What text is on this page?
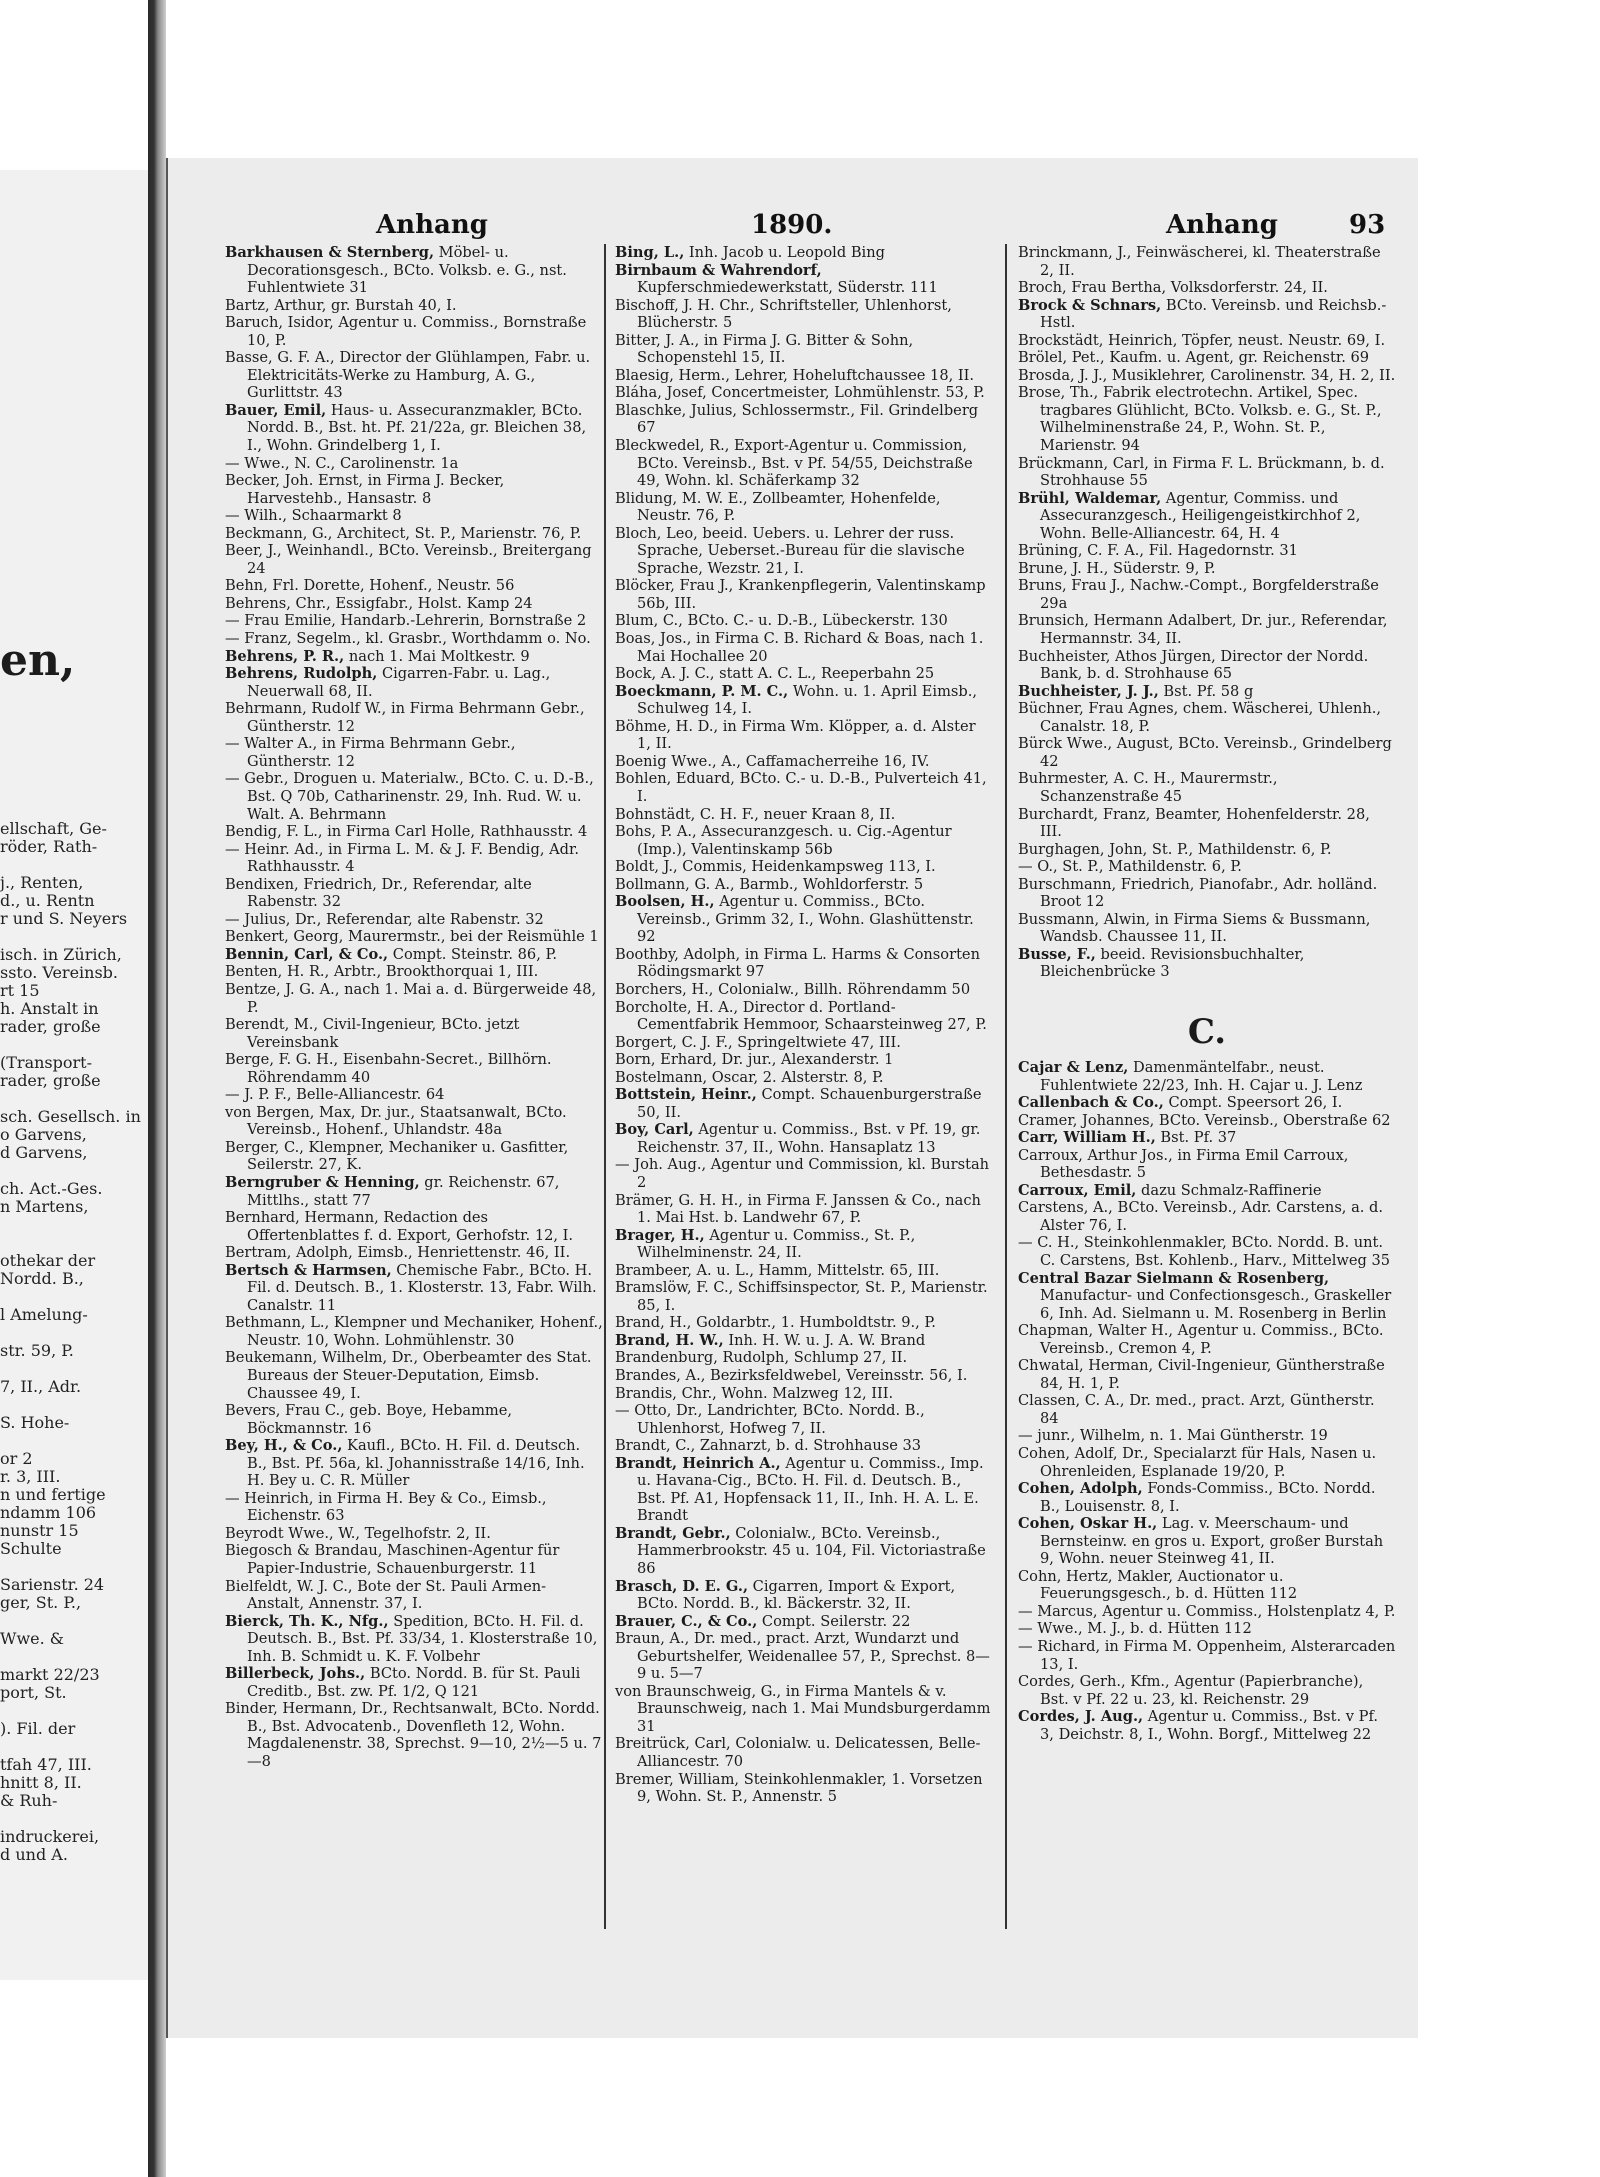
en,
ellschaft, Ge-
röder, Rath-
j., Renten,
d., u. Rentn
r und S. Neyers
isch. in Zürich,
ssto. Vereinsb.
rt 15
h. Anstalt in
rader, große
(Transport-
rader, große
sch. Gesellsch. in
o Garvens,
d Garvens,
ch. Act.-Ges.
n Martens,
othekar der
Nordd. B.,
l Amelung-
str. 59, P.
7, II., Adr.
S. Hohe-
or 2
r. 3, III.
n und fertige
ndamm 106
nunstr 15
Schulte
Sarienstr. 24
ger, St. P.,
Wwe. &
markt 22/23
port, St.
). Fil. der
tfah 47, III.
hnitt 8, II.
& Ruh-
indruckerei,
d und A.
Anhang	1890.	Anhang	93

Barkhausen & Sternberg, Möbel- u. Decorationsgesch., BCto. Volksb. e. G., nst. Fuhlentwiete 31

Bartz, Arthur, gr. Burstah 40, I.

Baruch, Isidor, Agentur u. Commiss., Bornstraße 10, P.

Basse, G. F. A., Director der Glühlampen, Fabr. u. Elektricitäts-Werke zu Hamburg, A. G., Gurlittstr. 43

Bauer, Emil, Haus- u. Assecuranzmakler, BCto. Nordd. B., Bst. ht. Pf. 21/22a, gr. Bleichen 38, I., Wohn. Grindelberg 1, I.

— Wwe., N. C., Carolinenstr. 1a

Becker, Joh. Ernst, in Firma J. Becker, Harvestehb., Hansastr. 8

— Wilh., Schaarmarkt 8

Beckmann, G., Architect, St. P., Marienstr. 76, P.

Beer, J., Weinhandl., BCto. Vereinsb., Breitergang 24

Behn, Frl. Dorette, Hohenf., Neustr. 56

Behrens, Chr., Essigfabr., Holst. Kamp 24

— Frau Emilie, Handarb.-Lehrerin, Bornstraße 2

— Franz, Segelm., kl. Grasbr., Worthdamm o. No.

Behrens, P. R., nach 1. Mai Moltkestr. 9

Behrens, Rudolph, Cigarren-Fabr. u. Lag., Neuerwall 68, II.

Behrmann, Rudolf W., in Firma Behrmann Gebr., Güntherstr. 12

— Walter A., in Firma Behrmann Gebr., Güntherstr. 12

— Gebr., Droguen u. Materialw., BCto. C. u. D.-B., Bst. Q 70b, Catharinenstr. 29, Inh. Rud. W. u. Walt. A. Behrmann

Bendig, F. L., in Firma Carl Holle, Rathhausstr. 4

— Heinr. Ad., in Firma L. M. & J. F. Bendig, Adr. Rathhausstr. 4

Bendixen, Friedrich, Dr., Referendar, alte Rabenstr. 32

— Julius, Dr., Referendar, alte Rabenstr. 32

Benkert, Georg, Maurermstr., bei der Reismühle 1

Bennin, Carl, & Co., Compt. Steinstr. 86, P.

Benten, H. R., Arbtr., Brookthorquai 1, III.

Bentze, J. G. A., nach 1. Mai a. d. Bürgerweide 48, P.

Berendt, M., Civil-Ingenieur, BCto. jetzt Vereinsbank

Berge, F. G. H., Eisenbahn-Secret., Billhörn. Röhrendamm 40

— J. P. F., Belle-Alliancestr. 64

von Bergen, Max, Dr. jur., Staatsanwalt, BCto. Vereinsb., Hohenf., Uhlandstr. 48a

Berger, C., Klempner, Mechaniker u. Gasfitter, Seilerstr. 27, K.

Berngruber & Henning, gr. Reichenstr. 67, Mittlhs., statt 77

Bernhard, Hermann, Redaction des Offertenblattes f. d. Export, Gerhofstr. 12, I.

Bertram, Adolph, Eimsb., Henriettenstr. 46, II.

Bertsch & Harmsen, Chemische Fabr., BCto. H. Fil. d. Deutsch. B., 1. Klosterstr. 13, Fabr. Wilh. Canalstr. 11

Bethmann, L., Klempner und Mechaniker, Hohenf., Neustr. 10, Wohn. Lohmühlenstr. 30

Beukemann, Wilhelm, Dr., Oberbeamter des Stat. Bureaus der Steuer-Deputation, Eimsb. Chaussee 49, I.

Bevers, Frau C., geb. Boye, Hebamme, Böckmannstr. 16

Bey, H., & Co., Kaufl., BCto. H. Fil. d. Deutsch. B., Bst. Pf. 56a, kl. Johannisstraße 14/16, Inh. H. Bey u. C. R. Müller

— Heinrich, in Firma H. Bey & Co., Eimsb., Eichenstr. 63

Beyrodt Wwe., W., Tegelhofstr. 2, II.

Biegosch & Brandau, Maschinen-Agentur für Papier-Industrie, Schauenburgerstr. 11

Bielfeldt, W. J. C., Bote der St. Pauli Armen-Anstalt, Annenstr. 37, I.

Bierck, Th. K., Nfg., Spedition, BCto. H. Fil. d. Deutsch. B., Bst. Pf. 33/34, 1. Klosterstraße 10, Inh. B. Schmidt u. K. F. Volbehr

Billerbeck, Johs., BCto. Nordd. B. für St. Pauli Creditb., Bst. zw. Pf. 1/2, Q 121

Binder, Hermann, Dr., Rechtsanwalt, BCto. Nordd. B., Bst. Advocatenb., Dovenfleth 12, Wohn. Magdalenenstr. 38, Sprechst. 9—10, 2½—5 u. 7—8

Bing, L., Inh. Jacob u. Leopold Bing

Birnbaum & Wahrendorf, Kupferschmiedewerkstatt, Süderstr. 111

Bischoff, J. H. Chr., Schriftsteller, Uhlenhorst, Blücherstr. 5

Bitter, J. A., in Firma J. G. Bitter & Sohn, Schopenstehl 15, II.

Blaesig, Herm., Lehrer, Hoheluftchaussee 18, II.

Bláha, Josef, Concertmeister, Lohmühlenstr. 53, P.

Blaschke, Julius, Schlossermstr., Fil. Grindelberg 67

Bleckwedel, R., Export-Agentur u. Commission, BCto. Vereinsb., Bst. v Pf. 54/55, Deichstraße 49, Wohn. kl. Schäferkamp 32

Blidung, M. W. E., Zollbeamter, Hohenfelde, Neustr. 76, P.

Bloch, Leo, beeid. Uebers. u. Lehrer der russ. Sprache, Ueberset.-Bureau für die slavische Sprache, Wezstr. 21, I.

Blöcker, Frau J., Krankenpflegerin, Valentinskamp 56b, III.

Blum, C., BCto. C.- u. D.-B., Lübeckerstr. 130

Boas, Jos., in Firma C. B. Richard & Boas, nach 1. Mai Hochallee 20

Bock, A. J. C., statt A. C. L., Reeperbahn 25

Boeckmann, P. M. C., Wohn. u. 1. April Eimsb., Schulweg 14, I.

Böhme, H. D., in Firma Wm. Klöpper, a. d. Alster 1, II.

Boenig Wwe., A., Caffamacherreihe 16, IV.

Bohlen, Eduard, BCto. C.- u. D.-B., Pulverteich 41, I.

Bohnstädt, C. H. F., neuer Kraan 8, II.

Bohs, P. A., Assecuranzgesch. u. Cig.-Agentur (Imp.), Valentinskamp 56b

Boldt, J., Commis, Heidenkampsweg 113, I.

Bollmann, G. A., Barmb., Wohldorferstr. 5

Boolsen, H., Agentur u. Commiss., BCto. Vereinsb., Grimm 32, I., Wohn. Glashüttenstr. 92

Boothby, Adolph, in Firma L. Harms & Consorten Rödingsmarkt 97

Borchers, H., Colonialw., Billh. Röhrendamm 50

Borcholte, H. A., Director d. Portland-Cementfabrik Hemmoor, Schaarsteinweg 27, P.

Borgert, C. J. F., Springeltwiete 47, III.

Born, Erhard, Dr. jur., Alexanderstr. 1

Bostelmann, Oscar, 2. Alsterstr. 8, P.

Bottstein, Heinr., Compt. Schauenburgerstraße 50, II.

Boy, Carl, Agentur u. Commiss., Bst. v Pf. 19, gr. Reichenstr. 37, II., Wohn. Hansaplatz 13

— Joh. Aug., Agentur und Commission, kl. Burstah 2

Brämer, G. H. H., in Firma F. Janssen & Co., nach 1. Mai Hst. b. Landwehr 67, P.

Brager, H., Agentur u. Commiss., St. P., Wilhelminenstr. 24, II.

Brambeer, A. u. L., Hamm, Mittelstr. 65, III.

Bramslöw, F. C., Schiffsinspector, St. P., Marienstr. 85, I.

Brand, H., Goldarbtr., 1. Humboldtstr. 9., P.

Brand, H. W., Inh. H. W. u. J. A. W. Brand

Brandenburg, Rudolph, Schlump 27, II.

Brandes, A., Bezirksfeldwebel, Vereinsstr. 56, I.

Brandis, Chr., Wohn. Malzweg 12, III.

— Otto, Dr., Landrichter, BCto. Nordd. B., Uhlenhorst, Hofweg 7, II.

Brandt, C., Zahnarzt, b. d. Strohhause 33

Brandt, Heinrich A., Agentur u. Commiss., Imp. u. Havana-Cig., BCto. H. Fil. d. Deutsch. B., Bst. Pf. A1, Hopfensack 11, II., Inh. H. A. L. E. Brandt

Brandt, Gebr., Colonialw., BCto. Vereinsb., Hammerbrookstr. 45 u. 104, Fil. Victoriastraße 86

Brasch, D. E. G., Cigarren, Import & Export, BCto. Nordd. B., kl. Bäckerstr. 32, II.

Brauer, C., & Co., Compt. Seilerstr. 22

Braun, A., Dr. med., pract. Arzt, Wundarzt und Geburtshelfer, Weidenallee 57, P., Sprechst. 8—9 u. 5—7

von Braunschweig, G., in Firma Mantels & v. Braunschweig, nach 1. Mai Mundsburgerdamm 31

Breitrück, Carl, Colonialw. u. Delicatessen, Belle-Alliancestr. 70

Bremer, William, Steinkohlenmakler, 1. Vorsetzen 9, Wohn. St. P., Annenstr. 5

Brinckmann, J., Feinwäscherei, kl. Theaterstraße 2, II.

Broch, Frau Bertha, Volksdorferstr. 24, II.

Brock & Schnars, BCto. Vereinsb. und Reichsb.-Hstl.

Brockstädt, Heinrich, Töpfer, neust. Neustr. 69, I.

Brölel, Pet., Kaufm. u. Agent, gr. Reichenstr. 69

Brosda, J. J., Musiklehrer, Carolinenstr. 34, H. 2, II.

Brose, Th., Fabrik electrotechn. Artikel, Spec. tragbares Glühlicht, BCto. Volksb. e. G., St. P., Wilhelminenstraße 24, P., Wohn. St. P., Marienstr. 94

Brückmann, Carl, in Firma F. L. Brückmann, b. d. Strohhause 55

Brühl, Waldemar, Agentur, Commiss. und Assecuranzgesch., Heiligengeistkirchhof 2, Wohn. Belle-Alliancestr. 64, H. 4

Brüning, C. F. A., Fil. Hagedornstr. 31

Brune, J. H., Süderstr. 9, P.

Bruns, Frau J., Nachw.-Compt., Borgfelderstraße 29a

Brunsich, Hermann Adalbert, Dr. jur., Referendar, Hermannstr. 34, II.

Buchheister, Athos Jürgen, Director der Nordd. Bank, b. d. Strohhause 65

Buchheister, J. J., Bst. Pf. 58 g

Büchner, Frau Agnes, chem. Wäscherei, Uhlenh., Canalstr. 18, P.

Bürck Wwe., August, BCto. Vereinsb., Grindelberg 42

Buhrmester, A. C. H., Maurermstr., Schanzenstraße 45

Burchardt, Franz, Beamter, Hohenfelderstr. 28, III.

Burghagen, John, St. P., Mathildenstr. 6, P.

— O., St. P., Mathildenstr. 6, P.

Burschmann, Friedrich, Pianofabr., Adr. holländ. Broot 12

Bussmann, Alwin, in Firma Siems & Bussmann, Wandsb. Chaussee 11, II.

Busse, F., beeid. Revisionsbuchhalter, Bleichenbrücke 3

C.

Cajar & Lenz, Damenmäntelfabr., neust. Fuhlentwiete 22/23, Inh. H. Cajar u. J. Lenz

Callenbach & Co., Compt. Speersort 26, I.

Cramer, Johannes, BCto. Vereinsb., Oberstraße 62

Carr, William H., Bst. Pf. 37

Carroux, Arthur Jos., in Firma Emil Carroux, Bethesdastr. 5

Carroux, Emil, dazu Schmalz-Raffinerie

Carstens, A., BCto. Vereinsb., Adr. Carstens, a. d. Alster 76, I.

— C. H., Steinkohlenmakler, BCto. Nordd. B. unt. C. Carstens, Bst. Kohlenb., Harv., Mittelweg 35

Central Bazar Sielmann & Rosenberg, Manufactur- und Confectionsgesch., Graskeller 6, Inh. Ad. Sielmann u. M. Rosenberg in Berlin

Chapman, Walter H., Agentur u. Commiss., BCto. Vereinsb., Cremon 4, P.

Chwatal, Herman, Civil-Ingenieur, Güntherstraße 84, H. 1, P.

Classen, C. A., Dr. med., pract. Arzt, Güntherstr. 84

— junr., Wilhelm, n. 1. Mai Güntherstr. 19

Cohen, Adolf, Dr., Specialarzt für Hals, Nasen u. Ohrenleiden, Esplanade 19/20, P.

Cohen, Adolph, Fonds-Commiss., BCto. Nordd. B., Louisenstr. 8, I.

Cohen, Oskar H., Lag. v. Meerschaum- und Bernsteinw. en gros u. Export, großer Burstah 9, Wohn. neuer Steinweg 41, II.

Cohn, Hertz, Makler, Auctionator u. Feuerungsgesch., b. d. Hütten 112

— Marcus, Agentur u. Commiss., Holstenplatz 4, P.

— Wwe., M. J., b. d. Hütten 112

— Richard, in Firma M. Oppenheim, Alsterarcaden 13, I.

Cordes, Gerh., Kfm., Agentur (Papierbranche), Bst. v Pf. 22 u. 23, kl. Reichenstr. 29

Cordes, J. Aug., Agentur u. Commiss., Bst. v Pf. 3, Deichstr. 8, I., Wohn. Borgf., Mittelweg 22
